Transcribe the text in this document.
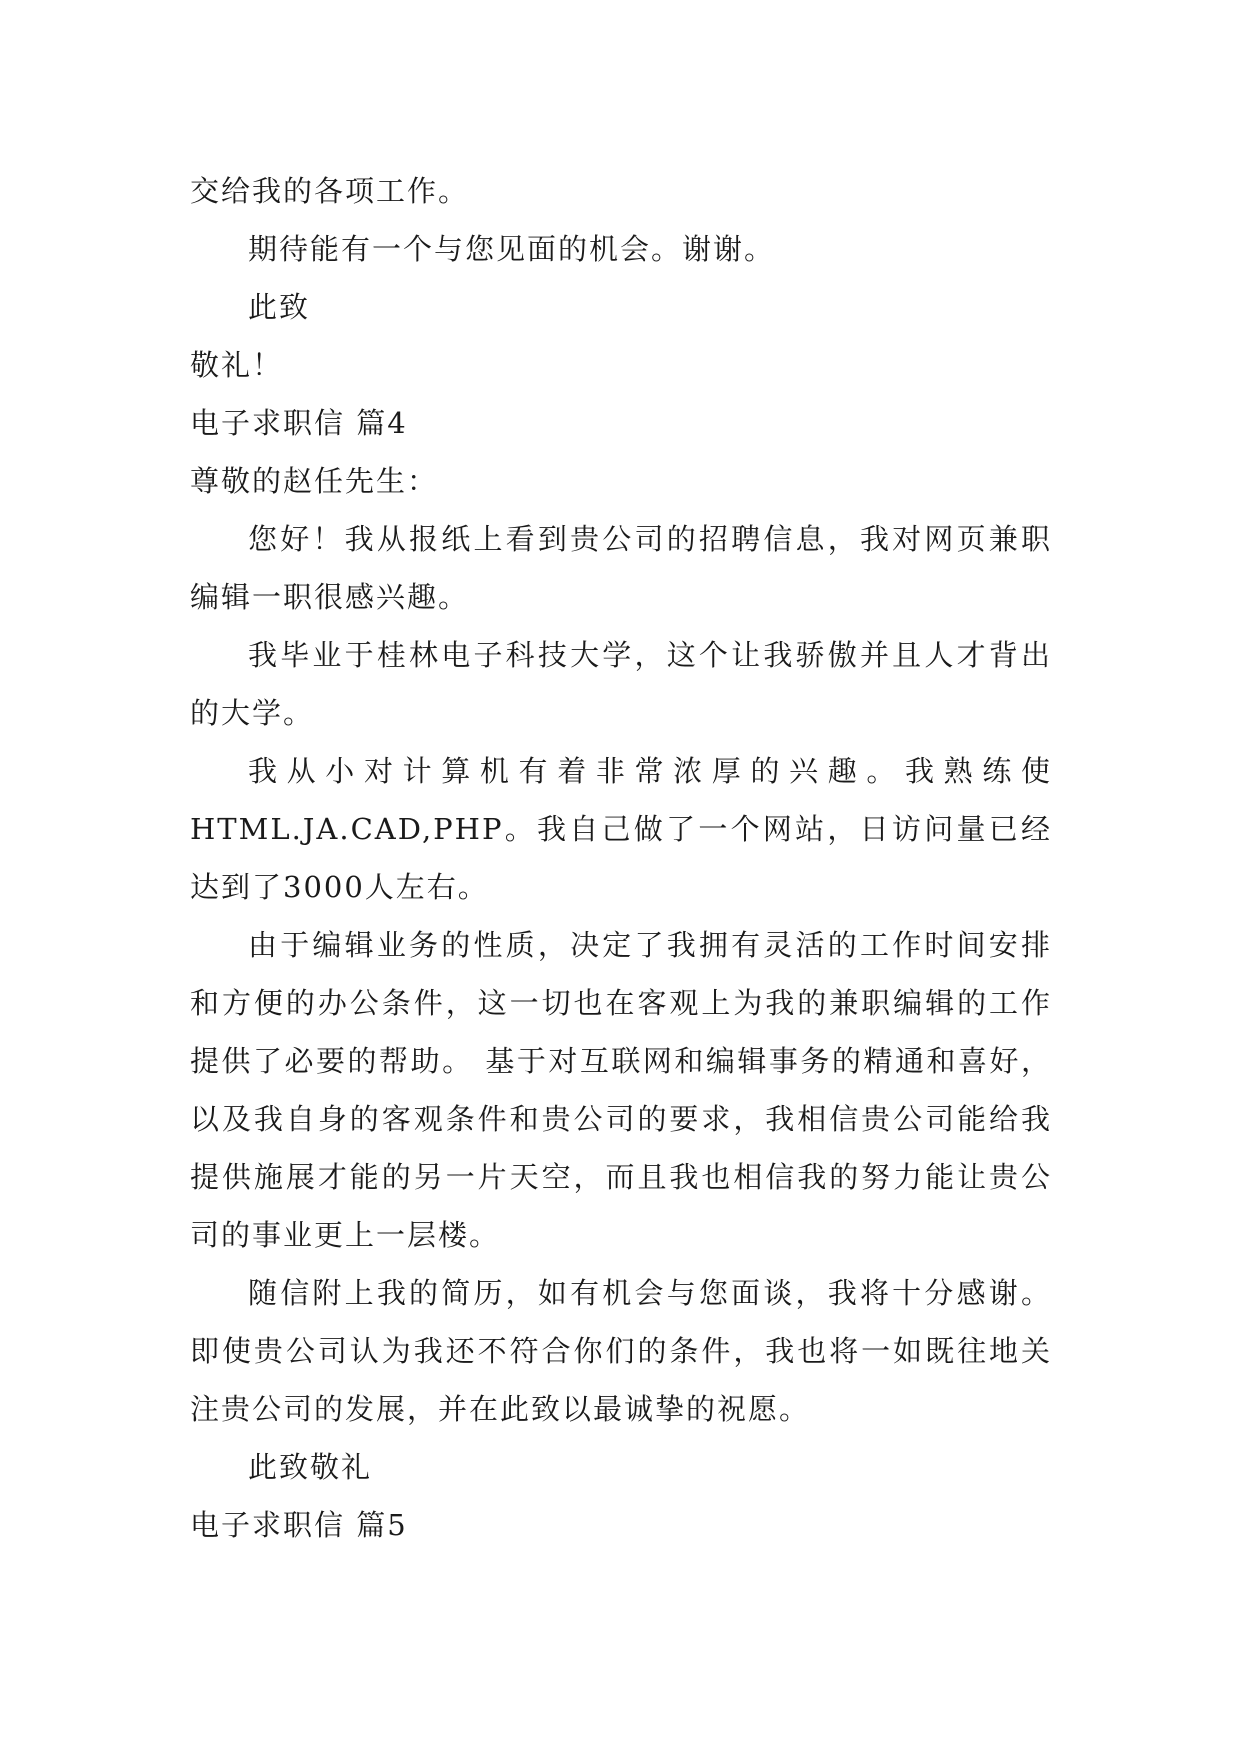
交给我的各项工作。
期待能有一个与您见面的机会。谢谢。
此致
敬礼！
电子求职信 篇4
尊敬的赵任先生：

您好！我从报纸上看到贵公司的招聘信息，我对网页兼职编辑一职很感兴趣。

我毕业于桂林电子科技大学，这个让我骄傲并且人才背出的大学。

我从小对计算机有着非常浓厚的兴趣。我熟练使HTML.JA.CAD,PHP。我自己做了一个网站，日访问量已经达到了3000人左右。

由于编辑业务的性质，决定了我拥有灵活的工作时间安排和方便的办公条件，这一切也在客观上为我的兼职编辑的工作提供了必要的帮助。 基于对互联网和编辑事务的精通和喜好，以及我自身的客观条件和贵公司的要求，我相信贵公司能给我提供施展才能的另一片天空，而且我也相信我的努力能让贵公司的事业更上一层楼。

随信附上我的简历，如有机会与您面谈，我将十分感谢。即使贵公司认为我还不符合你们的条件，我也将一如既往地关注贵公司的发展，并在此致以最诚挚的祝愿。

此致敬礼
电子求职信 篇5
